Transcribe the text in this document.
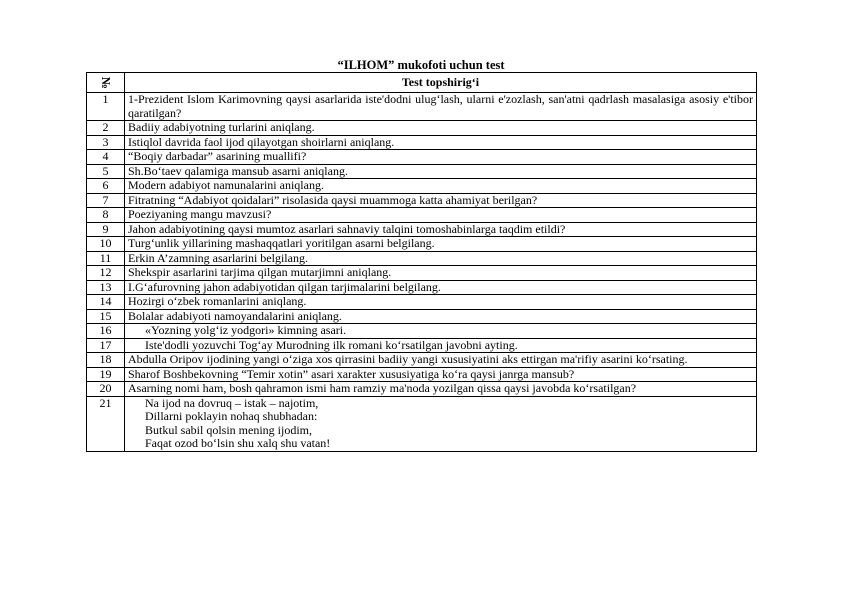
“ILHOM” mukofoti uchun test
№	Test topshirig‘i
1	1-Prezident Islom Karimovning qaysi asarlarida iste'dodni ulug‘lash, ularni e'zozlash, san'atni qadrlash masalasiga asosiy e'tibor qaratilgan?
2	Badiiy adabiyotning turlarini aniqlang.
3	Istiqlol davrida faol ijod qilayotgan shoirlarni aniqlang.
4	“Boqiy darbadar” asarining muallifi?
5	Sh.Bo‘taev qalamiga mansub asarni aniqlang.
6	Modern adabiyot namunalarini aniqlang.
7	Fitratning “Adabiyot qoidalari” risolasida qaysi muammoga katta ahamiyat berilgan?
8	Poeziyaning mangu mavzusi?
9	Jahon adabiyotining qaysi mumtoz asarlari sahnaviy talqini tomoshabinlarga taqdim etildi?
10	Turg‘unlik yillarining mashaqqatlari yoritilgan asarni belgilang.
11	Erkin A’zamning asarlarini belgilang.
12	Shekspir asarlarini tarjima qilgan mutarjimni aniqlang.
13	I.G‘afurovning jahon adabiyotidan qilgan tarjimalarini belgilang.
14	Hozirgi o‘zbek romanlarini aniqlang.
15	Bolalar adabiyoti namoyandalarini aniqlang.
16	«Yozning yolg‘iz yodgori» kimning asari.

17	Iste'dodli yozuvchi Tog‘ay Murodning ilk romani ko‘rsatilgan javobni ayting.

18	Abdulla Oripov ijodining yangi o‘ziga xos qirrasini badiiy yangi xususiyatini aks ettirgan ma'rifiy asarini ko‘rsating.
19	Sharof Boshbekovning “Temir xotin” asari xarakter xususiyatiga ko‘ra qaysi janrga mansub?
20	Asarning nomi ham, bosh qahramon ismi ham ramziy ma'noda yozilgan qissa qaysi javobda ko‘rsatilgan?
21	Na ijod na dovruq – istak – najotim,
Dillarni poklayin nohaq shubhadan:
Butkul sabil qolsin mening ijodim,
Faqat ozod bo‘lsin shu xalq shu vatan!
